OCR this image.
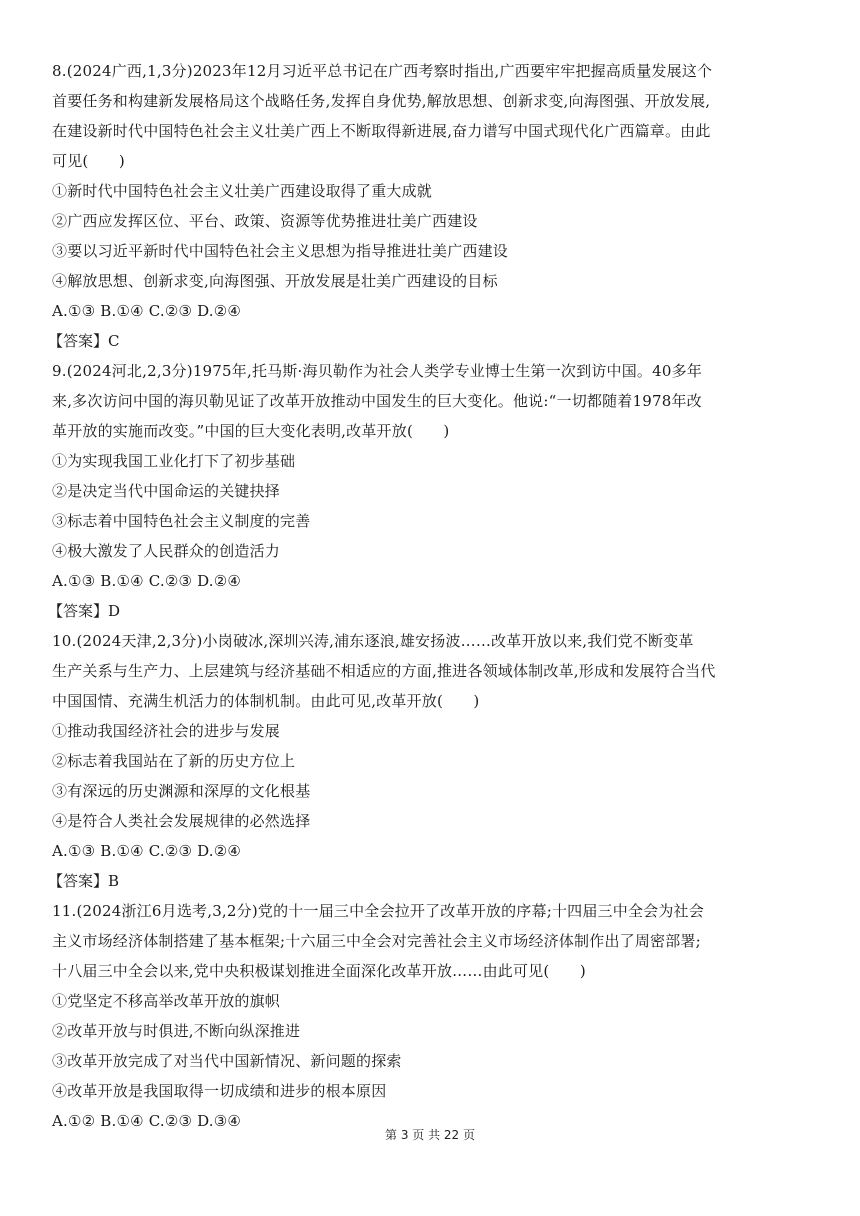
8.(2024广西,1,3分)2023年12月习近平总书记在广西考察时指出,广西要牢牢把握高质量发展这个
首要任务和构建新发展格局这个战略任务,发挥自身优势,解放思想、创新求变,向海图强、开放发展,
在建设新时代中国特色社会主义壮美广西上不断取得新进展,奋力谱写中国式现代化广西篇章。由此
可见(　　)
①新时代中国特色社会主义壮美广西建设取得了重大成就
②广西应发挥区位、平台、政策、资源等优势推进壮美广西建设
③要以习近平新时代中国特色社会主义思想为指导推进壮美广西建设
④解放思想、创新求变,向海图强、开放发展是壮美广西建设的目标
A.①③ B.①④ C.②③ D.②④
【答案】C
9.(2024河北,2,3分)1975年,托马斯·海贝勒作为社会人类学专业博士生第一次到访中国。40多年
来,多次访问中国的海贝勒见证了改革开放推动中国发生的巨大变化。他说:“一切都随着1978年改
革开放的实施而改变。”中国的巨大变化表明,改革开放(　　)
①为实现我国工业化打下了初步基础
②是决定当代中国命运的关键抉择
③标志着中国特色社会主义制度的完善
④极大激发了人民群众的创造活力
A.①③ B.①④ C.②③ D.②④
【答案】D
10.(2024天津,2,3分)小岗破冰,深圳兴涛,浦东逐浪,雄安扬波……改革开放以来,我们党不断变革
生产关系与生产力、上层建筑与经济基础不相适应的方面,推进各领域体制改革,形成和发展符合当代
中国国情、充满生机活力的体制机制。由此可见,改革开放(　　)
①推动我国经济社会的进步与发展
②标志着我国站在了新的历史方位上
③有深远的历史渊源和深厚的文化根基
④是符合人类社会发展规律的必然选择
A.①③ B.①④ C.②③ D.②④
【答案】B
11.(2024浙江6月选考,3,2分)党的十一届三中全会拉开了改革开放的序幕;十四届三中全会为社会
主义市场经济体制搭建了基本框架;十六届三中全会对完善社会主义市场经济体制作出了周密部署;
十八届三中全会以来,党中央积极谋划推进全面深化改革开放……由此可见(　　)
①党坚定不移高举改革开放的旗帜
②改革开放与时俱进,不断向纵深推进
③改革开放完成了对当代中国新情况、新问题的探索
④改革开放是我国取得一切成绩和进步的根本原因
A.①② B.①④ C.②③ D.③④
第 3 页 共 22 页
